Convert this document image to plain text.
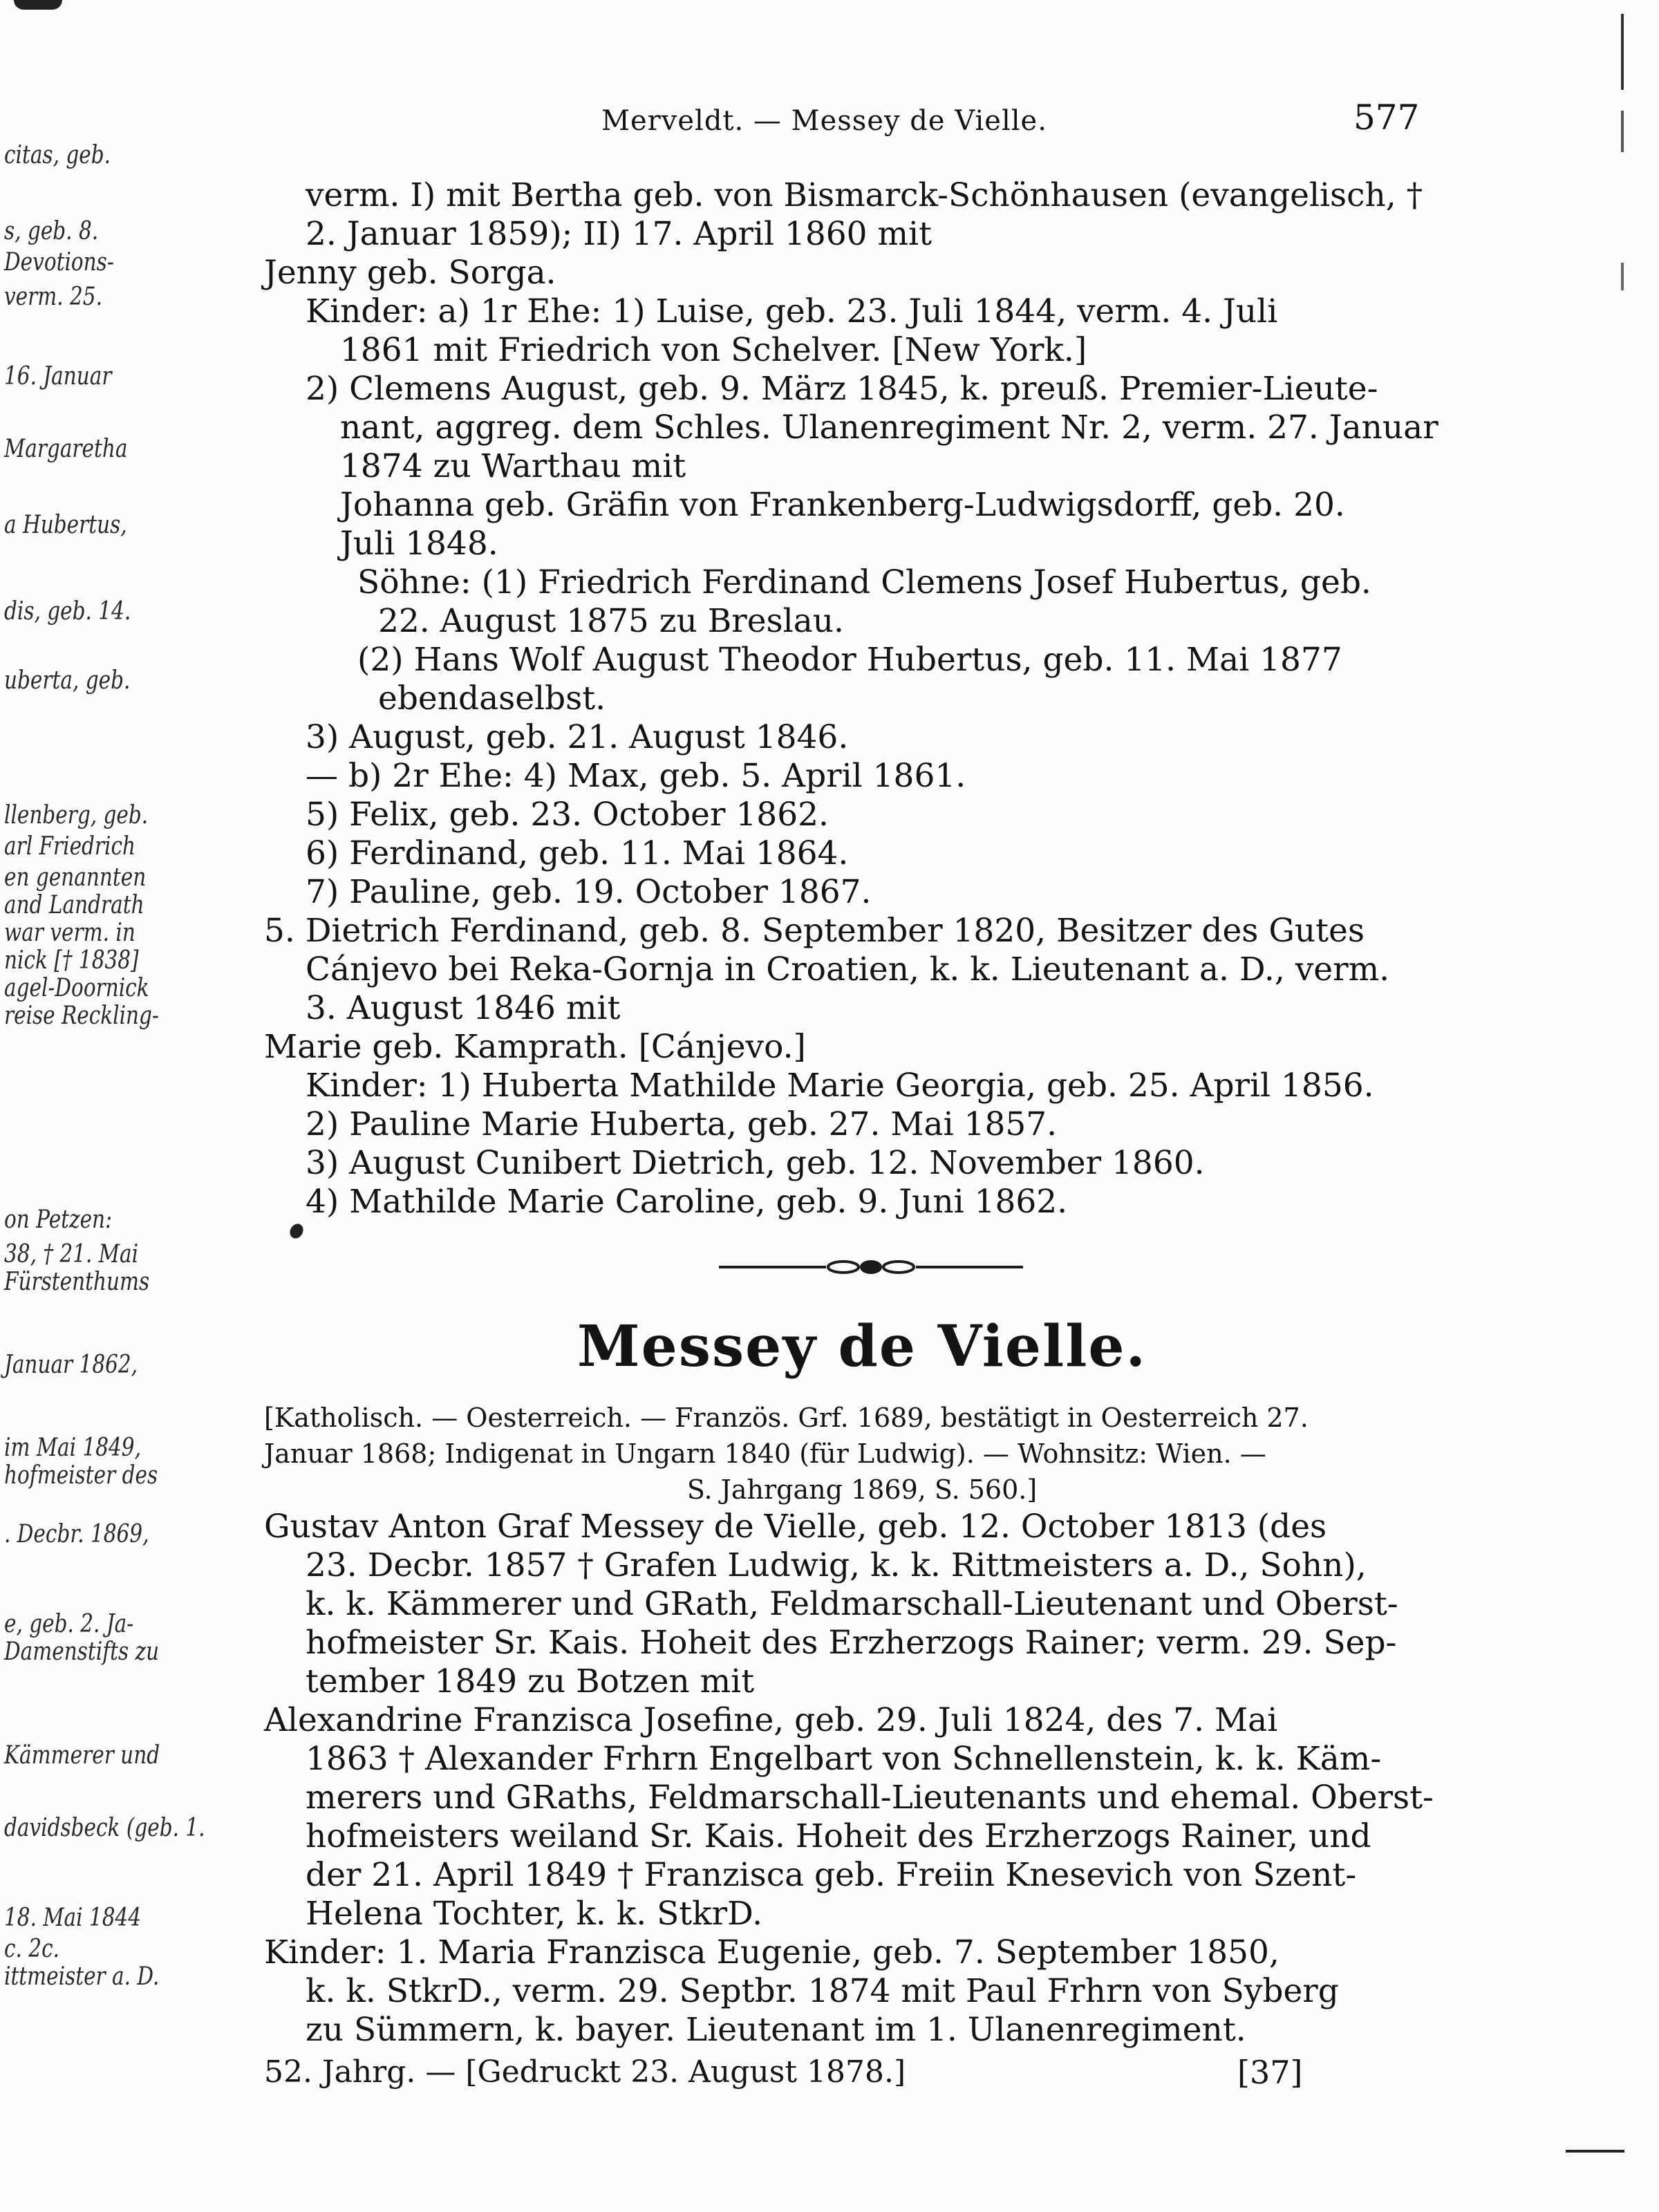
citas, geb.
s, geb. 8.
Devotions-
verm. 25.
16. Januar
Margaretha
a Hubertus,
dis, geb. 14.
uberta, geb.
llenberg, geb.
arl Friedrich
en genannten
and Landrath
war verm. in
nick [† 1838]
agel-Doornick
reise Reckling-
on Petzen:
38, † 21. Mai
Fürstenthums
Januar 1862,
im Mai 1849,
hofmeister des
. Decbr. 1869,
e, geb. 2. Ja-
Damenstifts zu
Kämmerer und
davidsbeck (geb. 1.
18. Mai 1844
c. 2c.
ittmeister a. D.
Merveldt. — Messey de Vielle.	577
verm. I) mit Bertha geb. von Bismarck-Schönhausen (evangelisch, †
2. Januar 1859); II) 17. April 1860 mit
Jenny geb. Sorga.
Kinder: a) 1r Ehe: 1) Luise, geb. 23. Juli 1844, verm. 4. Juli
1861 mit Friedrich von Schelver. [New York.]
2) Clemens August, geb. 9. März 1845, k. preuß. Premier-Lieute-
nant, aggreg. dem Schles. Ulanenregiment Nr. 2, verm. 27. Januar
1874 zu Warthau mit
Johanna geb. Gräfin von Frankenberg-Ludwigsdorff, geb. 20.
Juli 1848.
Söhne: (1) Friedrich Ferdinand Clemens Josef Hubertus, geb.
22. August 1875 zu Breslau.
(2) Hans Wolf August Theodor Hubertus, geb. 11. Mai 1877
ebendaselbst.
3) August, geb. 21. August 1846.
— b) 2r Ehe: 4) Max, geb. 5. April 1861.
5) Felix, geb. 23. October 1862.
6) Ferdinand, geb. 11. Mai 1864.
7) Pauline, geb. 19. October 1867.
5. Dietrich Ferdinand, geb. 8. September 1820, Besitzer des Gutes
Cánjevo bei Reka-Gornja in Croatien, k. k. Lieutenant a. D., verm.
3. August 1846 mit
Marie geb. Kamprath. [Cánjevo.]
Kinder: 1) Huberta Mathilde Marie Georgia, geb. 25. April 1856.
2) Pauline Marie Huberta, geb. 27. Mai 1857.
3) August Cunibert Dietrich, geb. 12. November 1860.
4) Mathilde Marie Caroline, geb. 9. Juni 1862.
Messey de Vielle.
[Katholisch. — Oesterreich. — Französ. Grf. 1689, bestätigt in Oesterreich 27.
Januar 1868; Indigenat in Ungarn 1840 (für Ludwig). — Wohnsitz: Wien. —
S. Jahrgang 1869, S. 560.]
Gustav Anton Graf Messey de Vielle, geb. 12. October 1813 (des
23. Decbr. 1857 † Grafen Ludwig, k. k. Rittmeisters a. D., Sohn),
k. k. Kämmerer und GRath, Feldmarschall-Lieutenant und Oberst-
hofmeister Sr. Kais. Hoheit des Erzherzogs Rainer; verm. 29. Sep-
tember 1849 zu Botzen mit
Alexandrine Franzisca Josefine, geb. 29. Juli 1824, des 7. Mai
1863 † Alexander Frhrn Engelbart von Schnellenstein, k. k. Käm-
merers und GRaths, Feldmarschall-Lieutenants und ehemal. Oberst-
hofmeisters weiland Sr. Kais. Hoheit des Erzherzogs Rainer, und
der 21. April 1849 † Franzisca geb. Freiin Knesevich von Szent-
Helena Tochter, k. k. StkrD.
Kinder: 1. Maria Franzisca Eugenie, geb. 7. September 1850,
k. k. StkrD., verm. 29. Septbr. 1874 mit Paul Frhrn von Syberg
zu Sümmern, k. bayer. Lieutenant im 1. Ulanenregiment.
52. Jahrg. — [Gedruckt 23. August 1878.]	[37]
